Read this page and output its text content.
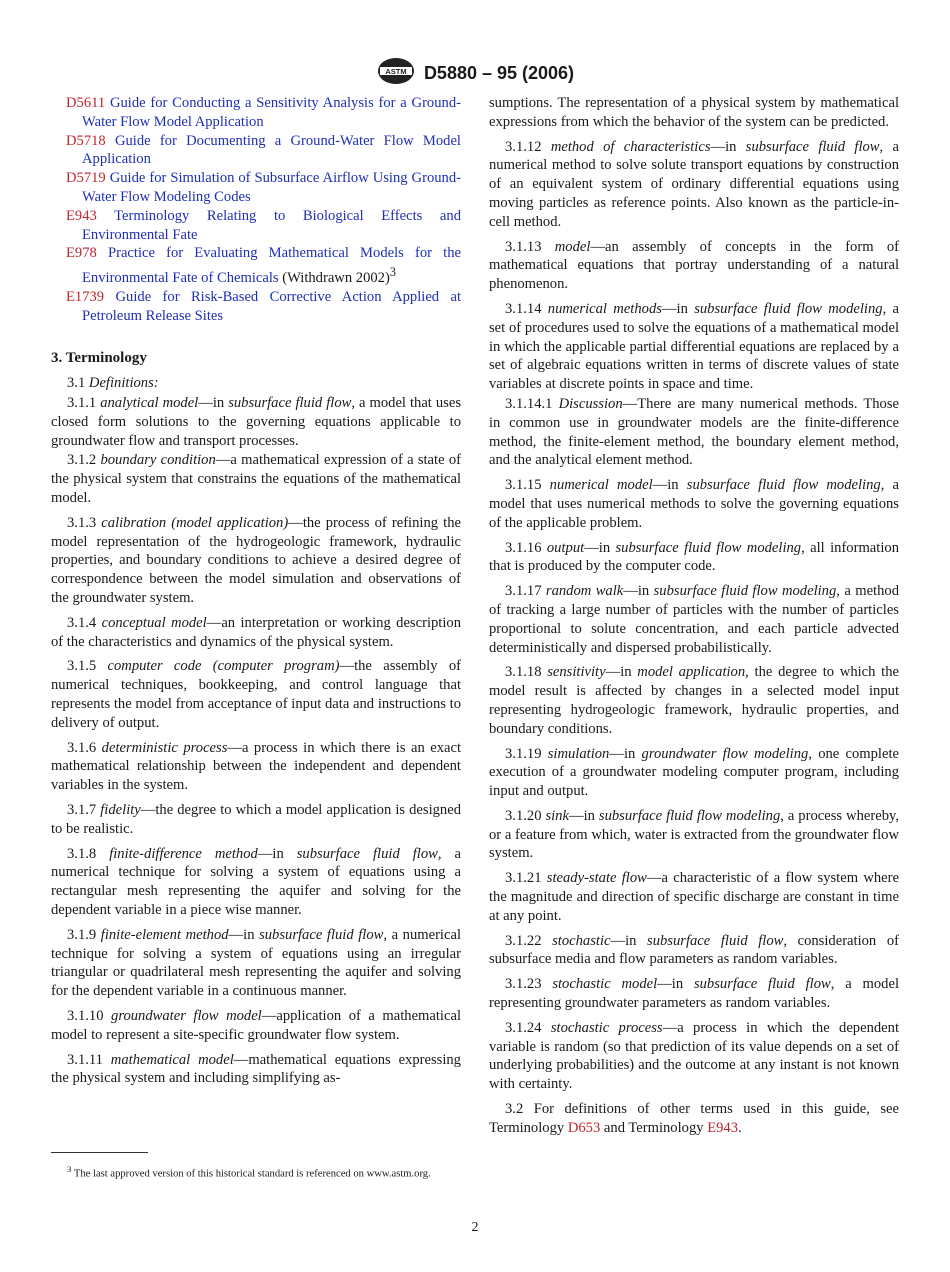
ASTM D5880 – 95 (2006)

D5611 Guide for Conducting a Sensitivity Analysis for a Ground-Water Flow Model Application

D5718 Guide for Documenting a Ground-Water Flow Model Application

D5719 Guide for Simulation of Subsurface Airflow Using Ground-Water Flow Modeling Codes

E943 Terminology Relating to Biological Effects and Environmental Fate

E978 Practice for Evaluating Mathematical Models for the Environmental Fate of Chemicals (Withdrawn 2002)$^3$

E1739 Guide for Risk-Based Corrective Action Applied at Petroleum Release Sites

3. Terminology

3.1 Definitions:

3.1.1 analytical model—in subsurface fluid flow, a model that uses closed form solutions to the governing equations applicable to groundwater flow and transport processes.

3.1.2 boundary condition—a mathematical expression of a state of the physical system that constrains the equations of the mathematical model.

3.1.3 calibration (model application)—the process of refining the model representation of the hydrogeologic framework, hydraulic properties, and boundary conditions to achieve a desired degree of correspondence between the model simulation and observations of the groundwater system.

3.1.4 conceptual model—an interpretation or working description of the characteristics and dynamics of the physical system.

3.1.5 computer code (computer program)—the assembly of numerical techniques, bookkeeping, and control language that represents the model from acceptance of input data and instructions to delivery of output.

3.1.6 deterministic process—a process in which there is an exact mathematical relationship between the independent and dependent variables in the system.

3.1.7 fidelity—the degree to which a model application is designed to be realistic.

3.1.8 finite-difference method—in subsurface fluid flow, a numerical technique for solving a system of equations using a rectangular mesh representing the aquifer and solving for the dependent variable in a piece wise manner.

3.1.9 finite-element method—in subsurface fluid flow, a numerical technique for solving a system of equations using an irregular triangular or quadrilateral mesh representing the aquifer and solving for the dependent variable in a continuous manner.

3.1.10 groundwater flow model—application of a mathematical model to represent a site-specific groundwater flow system.

3.1.11 mathematical model—mathematical equations expressing the physical system and including simplifying as-

sumptions. The representation of a physical system by mathematical expressions from which the behavior of the system can be predicted.

3.1.12 method of characteristics—in subsurface fluid flow, a numerical method to solve solute transport equations by construction of an equivalent system of ordinary differential equations using moving particles as reference points. Also known as the particle-in-cell method.

3.1.13 model—an assembly of concepts in the form of mathematical equations that portray understanding of a natural phenomenon.

3.1.14 numerical methods—in subsurface fluid flow modeling, a set of procedures used to solve the equations of a mathematical model in which the applicable partial differential equations are replaced by a set of algebraic equations written in terms of discrete values of state variables at discrete points in space and time.

3.1.14.1 Discussion—There are many numerical methods. Those in common use in groundwater models are the finite-difference method, the finite-element method, the boundary element method, and the analytical element method.

3.1.15 numerical model—in subsurface fluid flow modeling, a model that uses numerical methods to solve the governing equations of the applicable problem.

3.1.16 output—in subsurface fluid flow modeling, all information that is produced by the computer code.

3.1.17 random walk—in subsurface fluid flow modeling, a method of tracking a large number of particles with the number of particles proportional to solute concentration, and each particle advected deterministically and dispersed probabilistically.

3.1.18 sensitivity—in model application, the degree to which the model result is affected by changes in a selected model input representing hydrogeologic framework, hydraulic properties, and boundary conditions.

3.1.19 simulation—in groundwater flow modeling, one complete execution of a groundwater modeling computer program, including input and output.

3.1.20 sink—in subsurface fluid flow modeling, a process whereby, or a feature from which, water is extracted from the groundwater flow system.

3.1.21 steady-state flow—a characteristic of a flow system where the magnitude and direction of specific discharge are constant in time at any point.

3.1.22 stochastic—in subsurface fluid flow, consideration of subsurface media and flow parameters as random variables.

3.1.23 stochastic model—in subsurface fluid flow, a model representing groundwater parameters as random variables.

3.1.24 stochastic process—a process in which the dependent variable is random (so that prediction of its value depends on a set of underlying probabilities) and the outcome at any instant is not known with certainty.

3.2 For definitions of other terms used in this guide, see Terminology D653 and Terminology E943.

$^3$ The last approved version of this historical standard is referenced on www.astm.org.
2
